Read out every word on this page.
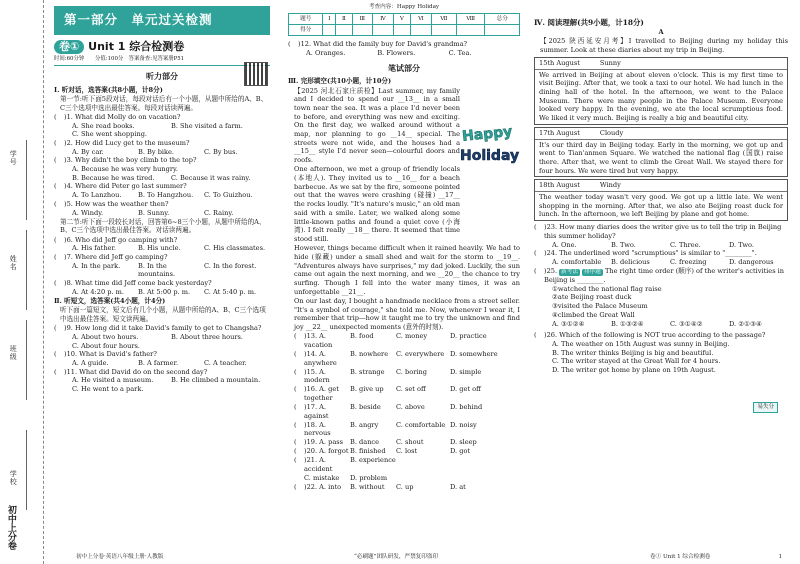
学号
姓名
班级
学校
初中上分卷
第一部分　单元过关检测
卷① Unit 1 综合检测卷
时间:60分钟　　分值:100分　答案备查:见答案册P51
听力部分
Ⅰ. 听对话，选答案(共8小题，计8分)
第一节:听下面5段对话，每段对话后有一个小题，从题中所给的A、B、C三个选项中选出最佳答案。每段对话读两遍。
(	)1. What did Molly do on vacation?
A. She read books.	B. She visited a farm.
C. She went shopping.
(	)2. How did Lucy get to the museum?
A. By car.	B. By bike.	C. By bus.
(	)3. Why didn't the boy climb to the top?
A. Because he was very hungry.
B. Because he was tired.	C. Because it was rainy.
(	)4. Where did Peter go last summer?
A. To Lanzhou.	B. To Hangzhou.	C. To Guizhou.
(	)5. How was the weather then?
A. Windy.	B. Sunny.	C. Rainy.
第二节:听下面一段较长对话，回答第6~8三个小题，从题中所给的A、B、C三个选项中选出最佳答案。对话读两遍。
(	)6. Who did Jeff go camping with?
A. His father.	B. His uncle.	C. His classmates.
(	)7. Where did Jeff go camping?
A. In the park.	B. In the mountains.
C. In the forest.
(	)8. What time did Jeff come back yesterday?
A. At 4:20 p. m.	B. At 5:00 p. m.	C. At 5:40 p. m.
Ⅱ. 听短文，选答案(共4小题，计4分)
听下面一篇短文，短文后有几个小题，从题中所给的A、B、C三个选项中选出最佳答案。短文读两遍。
(	)9. How long did it take David's family to get to Changsha?
A. About two hours.	B. About three hours.
C. About four hours.
(	)10. What is David's father?
A. A guide.	B. A farmer.	C. A teacher.
(	)11. What did David do on the second day?
A. He visited a museum.	B. He climbed a mountain.
C. He went to a park.
初中上分卷·英语八年级上册·人教版
考查内容：Happy Holiday
题号	Ⅰ	Ⅱ	Ⅲ	Ⅳ	Ⅴ	Ⅵ	Ⅶ	Ⅷ	总分
得分									
(	)12. What did the family buy for David's grandma?
A. Oranges.	B. Flowers.	C. Tea.
笔试部分
Ⅲ. 完形填空(共10小题，计10分)
【2025 河北石家庄质检】Last summer, my family and I decided to spend our __13__ in a small town near the sea. It was a place I'd never been to before, and everything was new and exciting. On the first day, we walked around without a map, nor planning to go __14__ special. The streets were not wide, and the houses had a __15__ style I'd never seen—colourful doors and roofs.
One afternoon, we met a group of friendly locals (本地人). They invited us to __16__ for a beach barbecue. As we sat by the fire, someone pointed out that the waves were crashing (碰撞) __17__ the rocks loudly. "It's nature's music," an old man said with a smile. Later, we walked along some little-known paths and found a quiet cove (小海湾). I felt really __18__ there. It seemed that time stood still.
However, things became difficult when it rained heavily. We had to hide (躲藏) under a small shed and wait for the storm to __19__. "Adventures always have surprises," my dad joked. Luckily, the sun came out again the next morning, and we __20__ the chance to try surfing. Though I fell into the water many times, it was an unforgettable __21__.
On our last day, I bought a handmade necklace from a street seller. "It's a symbol of courage," she told me. Now, whenever I wear it, I remember that trip—how it taught me to try the unknown and find joy __22__ unexpected moments (意外的时刻).
(	)13. A. vacation
B. food	C. money	D. practice
(	)14. A. anywhere
B. nowhere	C. everywhere D. somewhere
(	)15. A. modern
B. strange	C. boring	D. simple
(	)16. A. get together
B. give up	C. set off	D. get off
(	)17. A. against
B. beside	C. above	D. behind
(	)18. A. nervous
B. angry	C. comfortable D. noisy
(	)19. A. pass	B. dance	C. shout	D. sleep
(	)20. A. forgot B. finished	C. lost	D. got
(	)21. A. accident
B. experience
C. mistake	D. problem
(	)22. A. into	B. without	C. up	D. at
“必刷题”团队研发，严禁复印盗印
Happy
Holiday
Ⅳ. 阅读理解(共9小题，计18分)
A
【2025 陕西延安月考】I travelled to Beijing during my holiday this summer. Look at these diaries about my trip in Beijing.
15th August	Sunny
We arrived in Beijing at about eleven o'clock. This is my first time to visit Beijing. After that, we took a taxi to our hotel. We had lunch in the dining hall of the hotel. In the afternoon, we went to the Palace Museum. There were many people in the Palace Museum. Everyone looked very happy. In the evening, we ate the local scrumptious food. We liked it very much. Beijing is really a big and beautiful city.
17th August	Cloudy
It's our third day in Beijing today. Early in the morning, we got up and went to Tian'anmen Square. We watched the national flag (国旗) raise there. After that, we went to climb the Great Wall. We stayed there for four hours. We were tired but very happy.
18th August	Windy
The weather today wasn't very good. We got up a little late. We went shopping in the morning. After that, we also ate Beijing roast duck for lunch. In the afternoon, we left Beijing by plane and got home.
(	)23. How many diaries does the writer give us to tell the trip in Beijing this summer holiday?
A. One.	B. Two.	C. Three.	D. Two.
(	)24. The underlined word "scrumptious" is similar to "________".
A. comfortable	B. delicious	C. freezing	D. dangerous
(	)25. 新考法 排序题 The right time order (顺序) of the writer's activities in Beijing is ________.
①watched the national flag raise
②ate Beijing roast duck
③visited the Palace Museum
④climbed the Great Wall
A. ③①②④	B. ①③②④	C. ③①④②	D. ②①③④
易失分
(	)26. Which of the following is NOT true according to the passage?
A. The weather on 15th August was sunny in Beijing.
B. The writer thinks Beijing is big and beautiful.
C. The writer stayed at the Great Wall for 4 hours.
D. The writer got home by plane on 19th August.
卷① Unit 1 综合检测卷	1
